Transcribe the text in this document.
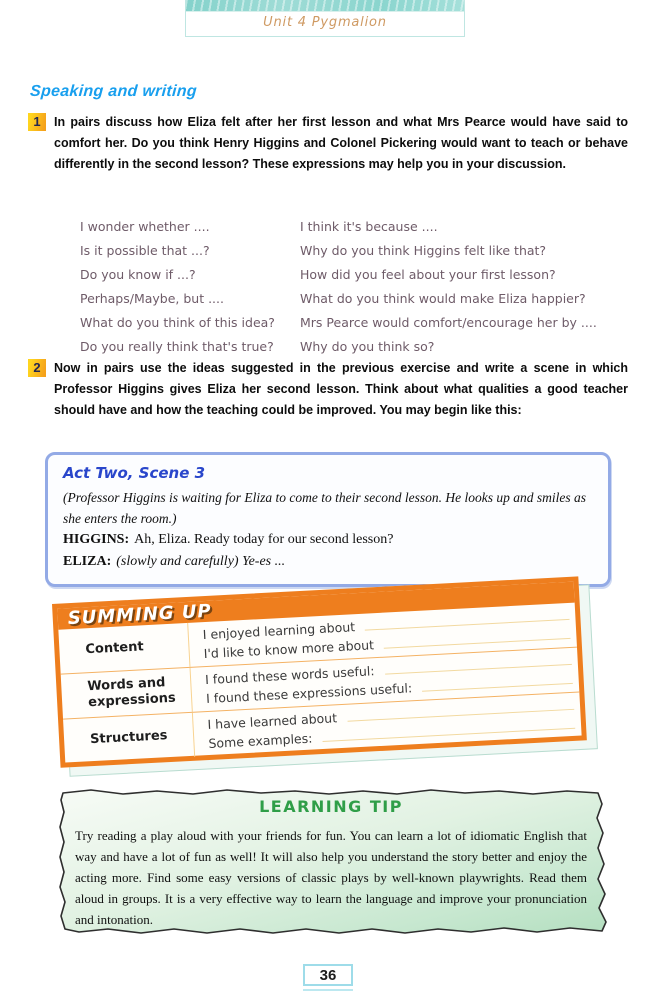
Unit 4 Pygmalion
Speaking and writing
1	In pairs discuss how Eliza felt after her first lesson and what Mrs Pearce would have said to comfort her. Do you think Henry Higgins and Colonel Pickering would want to teach or behave differently in the second lesson? These expressions may help you in your discussion.

I wonder whether ....
Is it possible that ...?
Do you know if ...?
Perhaps/Maybe, but ....
What do you think of this idea?
Do you really think that's true?
I think it's because ....
Why do you think Higgins felt like that?
How did you feel about your first lesson?
What do you think would make Eliza happier?
Mrs Pearce would comfort/encourage her by ....
Why do you think so?
2	Now in pairs use the ideas suggested in the previous exercise and write a scene in which Professor Higgins gives Eliza her second lesson. Think about what qualities a good teacher should have and how the teaching could be improved. You may begin like this:

Act Two, Scene 3
(Professor Higgins is waiting for Eliza to come to their second lesson. He looks up and smiles as she enters the room.)
HIGGINS: Ah, Eliza. Ready today for our second lesson?
ELIZA: (slowly and carefully) Ye-es ...
SUMMING UP
Content
I enjoyed learning about
I'd like to know more about
Words and expressions
I found these words useful:
I found these expressions useful:
Structures
I have learned about
Some examples:
LEARNING TIP
Try reading a play aloud with your friends for fun. You can learn a lot of idiomatic English that way and have a lot of fun as well! It will also help you understand the story better and enjoy the acting more. Find some easy versions of classic plays by well-known playwrights. Read them aloud in groups. It is a very effective way to learn the language and improve your pronunciation and intonation.
36
